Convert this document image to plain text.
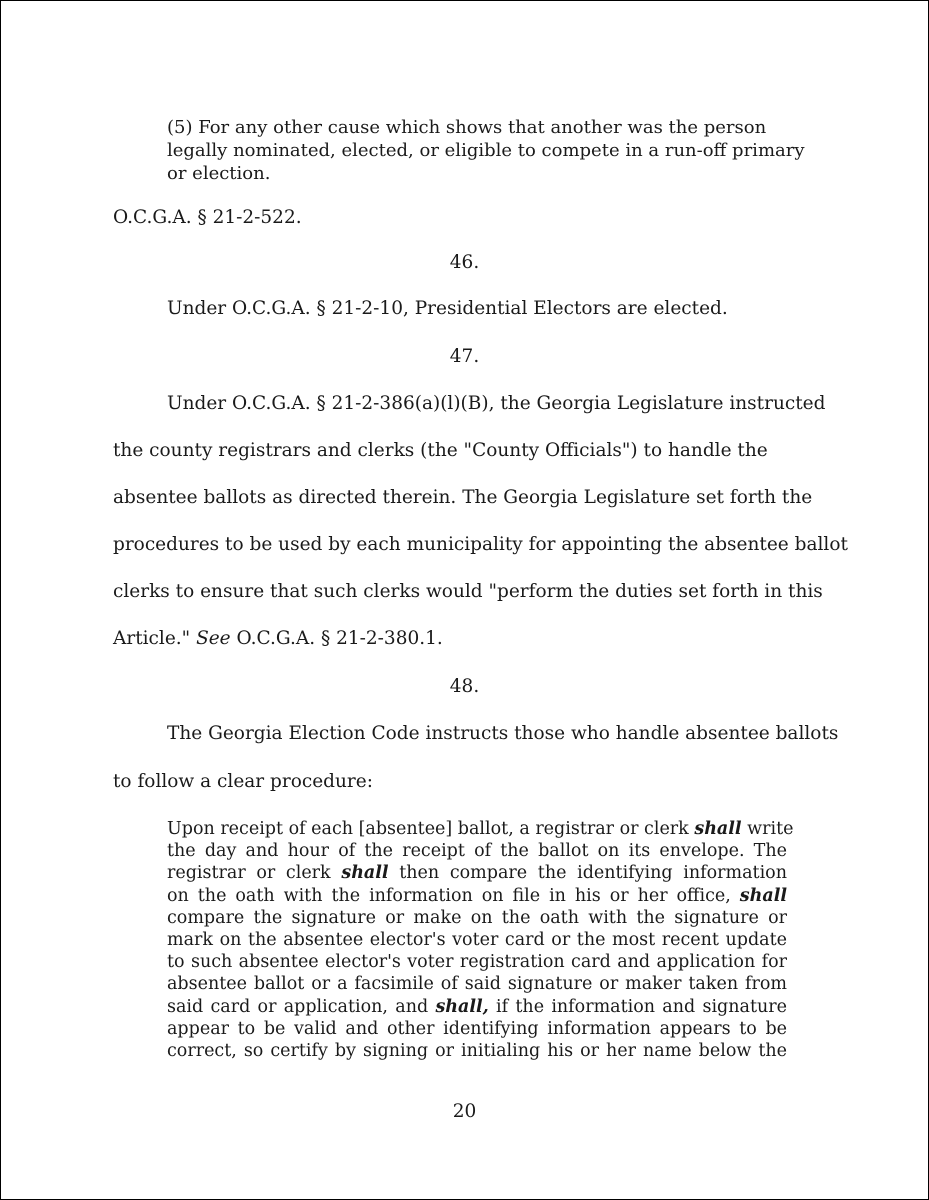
(5) For any other cause which shows that another was the person
legally nominated, elected, or eligible to compete in a run-off primary
or election.
O.C.G.A. § 21-2-522.
46.
Under O.C.G.A. § 21-2-10, Presidential Electors are elected.
47.
Under O.C.G.A. § 21-2-386(a)(l)(B), the Georgia Legislature instructed
the county registrars and clerks (the "County Officials") to handle the
absentee ballots as directed therein. The Georgia Legislature set forth the
procedures to be used by each municipality for appointing the absentee ballot
clerks to ensure that such clerks would "perform the duties set forth in this
Article." See O.C.G.A. § 21-2-380.1.
48.
The Georgia Election Code instructs those who handle absentee ballots
to follow a clear procedure:
Upon receipt of each [absentee] ballot, a registrar or clerk shall write
the day and hour of the receipt of the ballot on its envelope. The
registrar or clerk shall then compare the identifying information
on the oath with the information on file in his or her office, shall
compare the signature or make on the oath with the signature or
mark on the absentee elector's voter card or the most recent update
to such absentee elector's voter registration card and application for
absentee ballot or a facsimile of said signature or maker taken from
said card or application, and shall, if the information and signature
appear to be valid and other identifying information appears to be
correct, so certify by signing or initialing his or her name below the
20
